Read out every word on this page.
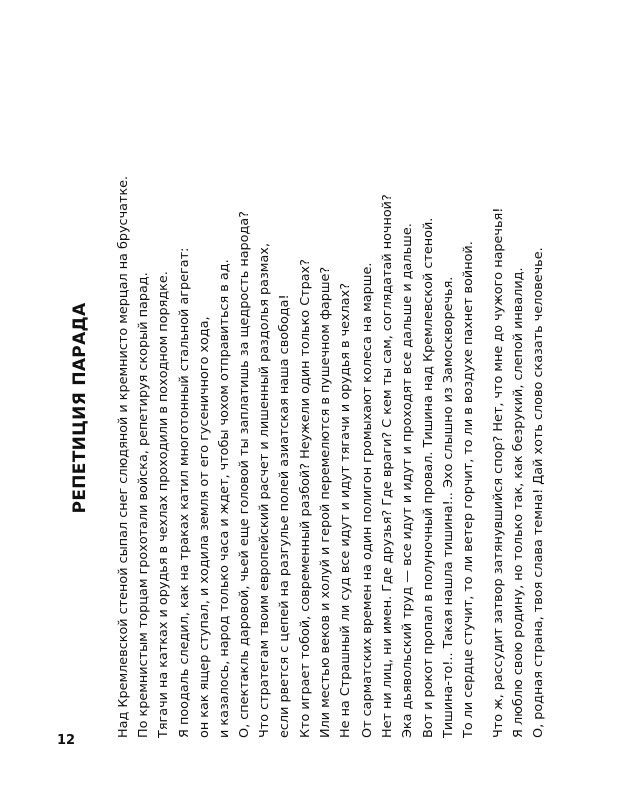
РЕПЕТИЦИЯ ПАРАДА Над Кремлевской стеной сыпал снег слюдяной и кремнисто мерцал на брусчатке. По кремнистым торцам грохотали войска, репетируя скорый парад. Тягачи на катках и орудья в чехлах проходили в походном порядке. Я поодаль следил, как на траках катил многотонный стальной агрегат: он как ящер ступал, и ходила земля от его гусеничного хода, и казалось, народ только часа и ждет, чтобы чохом отправиться в ад. О, спектакль даровой, чьей еще головой ты заплатишь за щедрость народа? Что стратегам твоим европейский расчет и лишенный раздолья размах, если рвется с цепей на разгулье полей азиатская наша свобода! Кто играет тобой, современный разбой? Неужели один только Страх? Или местью веков и холуй и герой перемелются в пушечном фарше? Не на Страшный ли суд все идут и идут тягачи и орудья в чехлах? От сарматских времен на один полигон громыхают колеса на марше. Нет ни лиц, ни имен. Где друзья? Где враги? С кем ты сам, соглядатай ночной? Эка дьявольский труд — все идут и идут и проходят все дальше и дальше. Вот и рокот пропал в полуночный провал. Тишина над Кремлевской стеной. Тишина-то!.. Такая нашла тишина!.. Эхо слышно из Замоскворечья. То ли сердце стучит, то ли ветер горчит, то ли в воздухе пахнет войной. Что ж, рассудит затвор затянувшийся спор? Нет, что мне до чужого наречья! Я люблю свою родину, но только так, как безрукий, слепой инвалид. О, родная страна, твоя слава темна! Дай хоть слово сказать человечье.
12
